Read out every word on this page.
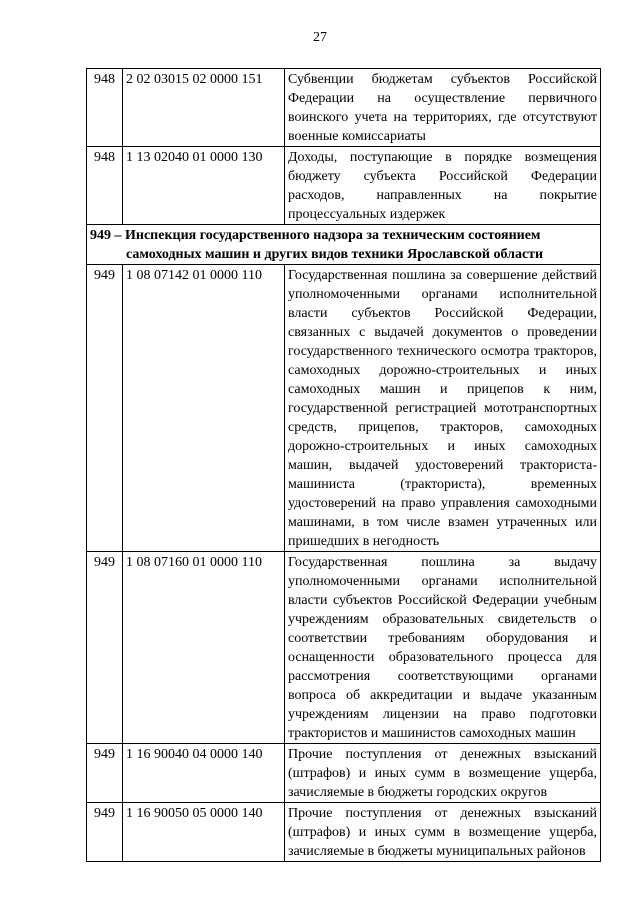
27
948	2 02 03015 02 0000 151	Субвенции бюджетам субъектов Российской Федерации на осуществление первичного воинского учета на территориях, где отсутствуют военные комиссариаты
948	1 13 02040 01 0000 130	Доходы, поступающие в порядке возмещения бюджету субъекта Российской Федерации расходов, направленных на покрытие процессуальных издержек

949 – Инспекция государственного надзора за техническим состоянием
самоходных машин и других видов техники Ярославской области		

949	1 08 07142 01 0000 110	Государственная пошлина за совершение действий уполномоченными органами исполнительной власти субъектов Российской Федерации, связанных с выдачей документов о проведении государственного технического осмотра тракторов, самоходных дорожно-строительных и иных самоходных машин и прицепов к ним, государственной регистрацией мототранспортных средств, прицепов, тракторов, самоходных дорожно-строительных и иных самоходных машин, выдачей удостоверений тракториста-машиниста (тракториста), временных удостоверений на право управления самоходными машинами, в том числе взамен утраченных или пришедших в негодность
949	1 08 07160 01 0000 110	Государственная пошлина за выдачу уполномоченными органами исполнительной власти субъектов Российской Федерации учебным учреждениям образовательных свидетельств о соответствии требованиям оборудования и оснащенности образовательного процесса для рассмотрения соответствующими органами вопроса об аккредитации и выдаче указанным учреждениям лицензии на право подготовки трактористов и машинистов самоходных машин
949	1 16 90040 04 0000 140	Прочие поступления от денежных взысканий (штрафов) и иных сумм в возмещение ущерба, зачисляемые в бюджеты городских округов
949	1 16 90050 05 0000 140	Прочие поступления от денежных взысканий (штрафов) и иных сумм в возмещение ущерба, зачисляемые в бюджеты муниципальных районов
